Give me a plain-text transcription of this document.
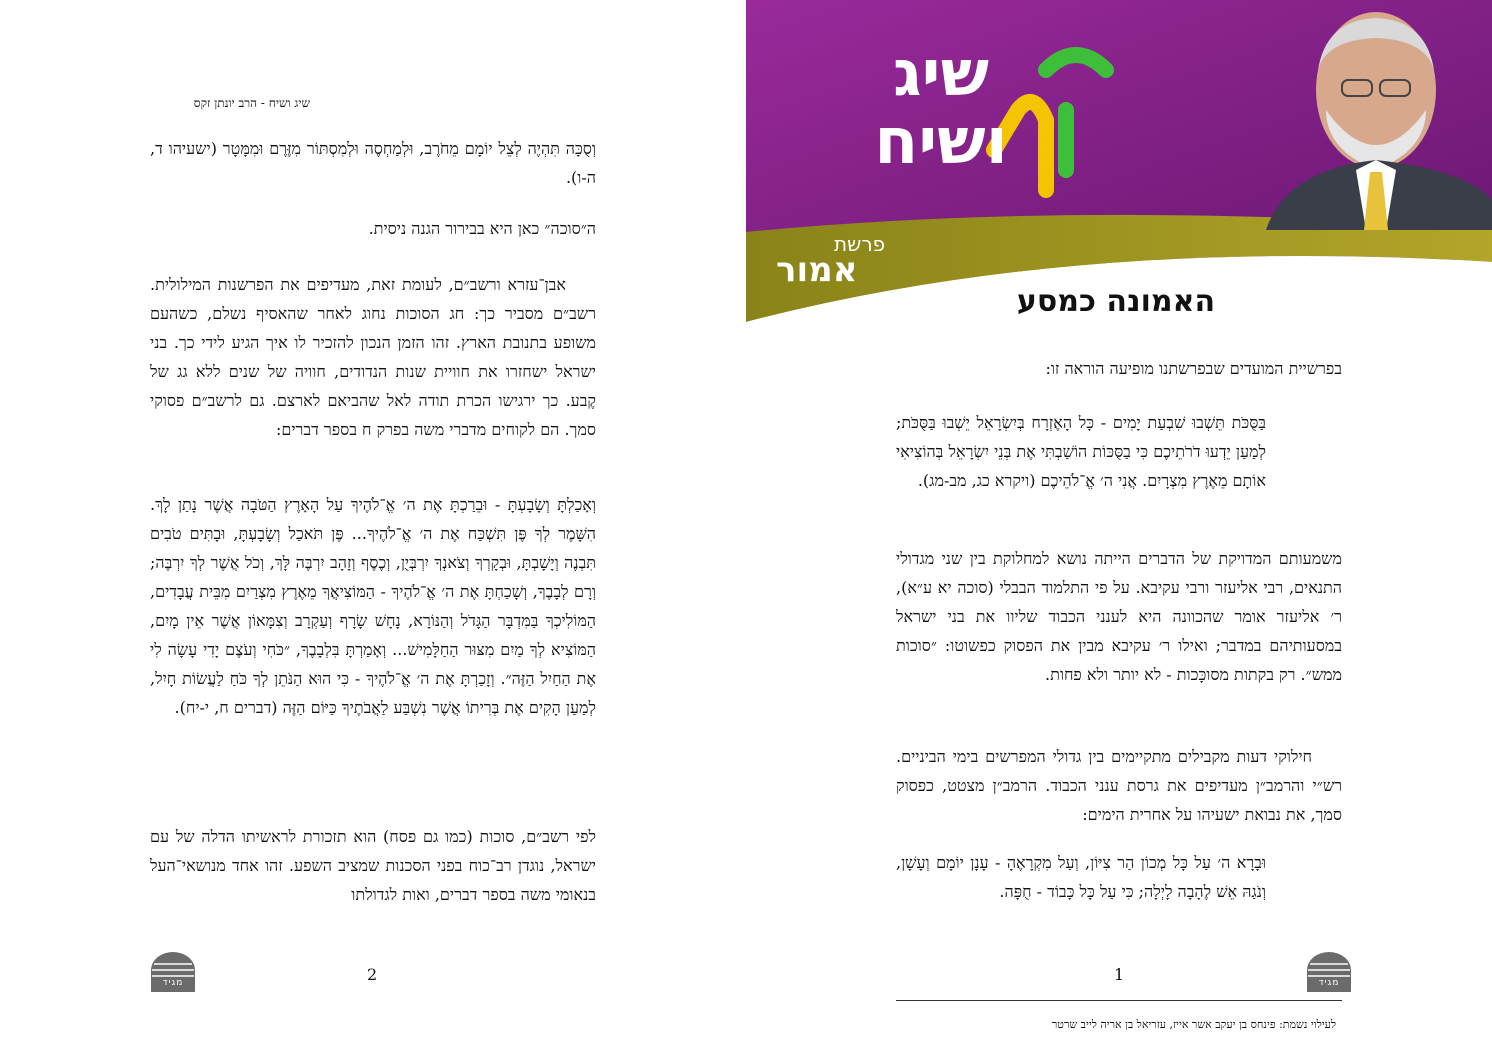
שיג ושיח - הרב יונתן זקס

וְסֻכָּה תִּהְיֶה לְצֵל יוֹמָם מֵחֹרֶב, וּלְמַחְסֶה וּלְמִסְתּוֹר מִזֶּרֶם וּמִמָּטָר (ישעיהו ד, ה-ו).

ה״סוכה״ כאן היא בבירור הגנה ניסית.

אבן־עזרא ורשב״ם, לעומת זאת, מעדיפים את הפרשנות המילולית. רשב״ם מסביר כך: חג הסוכות נחוג לאחר שהאסיף נשלם, כשהעם משופע בתנובת הארץ. זהו הזמן הנכון להזכיר לו איך הגיע לידי כך. בני ישראל ישחזרו את חוויית שנות הנדודים, חוויה של שנים ללא גג של קֶבע. כך ירגישו הכרת תודה לאל שהביאם לארצם. גם לרשב״ם פסוקי סמך. הם לקוחים מדברי משה בפרק ח בספר דברים:

וְאָכַלְתָּ וְשָׂבָעְתָּ - וּבֵרַכְתָּ אֶת ה׳ אֱ־לֹהֶיךָ עַל הָאָרֶץ הַטֹּבָה אֲשֶׁר נָתַן לָךְ. הִשָּׁמֶר לְךָ פֶּן תִּשְׁכַּח אֶת ה׳ אֱ־לֹהֶיךָ... פֶּן תֹּאכַל וְשָׂבָעְתָּ, וּבָתִּים טֹבִים תִּבְנֶה וְיָשָׁבְתָּ, וּבְקָרְךָ וְצֹאנְךָ יִרְבְּיֻן, וְכֶסֶף וְזָהָב יִרְבֶּה לָּךְ, וְכֹל אֲשֶׁר לְךָ יִרְבֶּה; וְרָם לְבָבֶךָ, וְשָׁכַחְתָּ אֶת ה׳ אֱ־לֹהֶיךָ - הַמּוֹצִיאֲךָ מֵאֶרֶץ מִצְרַיִם מִבֵּית עֲבָדִים, הַמּוֹלִיכְךָ בַּמִּדְבָּר הַגָּדֹל וְהַנּוֹרָא, נָחָשׁ שָׂרָף וְעַקְרָב וְצִמָּאוֹן אֲשֶׁר אֵין מָיִם, הַמּוֹצִיא לְךָ מַיִם מִצּוּר הַחַלָּמִישׁ... וְאָמַרְתָּ בִּלְבָבֶךָ, ״כֹּחִי וְעֹצֶם יָדִי עָשָׂה לִי אֶת הַחַיִל הַזֶּה״. וְזָכַרְתָּ אֶת ה׳ אֱ־לֹהֶיךָ - כִּי הוּא הַנֹּתֵן לְךָ כֹּחַ לַעֲשׂוֹת חָיִל, לְמַעַן הָקִים אֶת בְּרִיתוֹ אֲשֶׁר נִשְׁבַּע לַאֲבֹתֶיךָ כַּיּוֹם הַזֶּה (דברים ח, י-יח).

לפי רשב״ם, סוכות (כמו גם פסח) הוא תזכורת לראשיתו הדלה של עם ישראל, נוגדן רב־כוח בפני הסכנות שמציב השפע. זהו אחד מנושאי־העל בנאומי משה בספר דברים, ואות לגדולתו

2
מגיד
שיג ושיח
פרשת
אמור
האמונה כמסע

בפרשיית המועדים שבפרשתנו מופיעה הוראה זו:

בַּסֻּכֹּת תֵּשְׁבוּ שִׁבְעַת יָמִים - כָּל הָאֶזְרָח בְּיִשְׂרָאֵל יֵשְׁבוּ בַּסֻּכֹּת; לְמַעַן יֵדְעוּ דֹרֹתֵיכֶם כִּי בַסֻּכּוֹת הוֹשַׁבְתִּי אֶת בְּנֵי יִשְׂרָאֵל בְּהוֹצִיאִי אוֹתָם מֵאֶרֶץ מִצְרָיִם. אֲנִי ה׳ אֱ־לֹהֵיכֶם (ויקרא כג, מב-מג).

משמעותם המדויקת של הדברים הייתה נושא למחלוקת בין שני מגדולי התנאים, רבי אליעזר ורבי עקיבא. על פי התלמוד הבבלי (סוכה יא ע״א), ר׳ אליעזר אומר שהכוונה היא לענני הכבוד שליוו את בני ישראל במסעותיהם במדבר; ואילו ר׳ עקיבא מבין את הפסוק כפשוטו: ״סוכות ממש״. רק בקתות מסוכָּכות - לא יותר ולא פחות.

חילוקי דעות מקבילים מתקיימים בין גדולי המפרשים בימי הביניים. רש״י והרמב״ן מעדיפים את גרסת ענני הכבוד. הרמב״ן מצטט, כפסוק סמך, את נבואת ישעיהו על אחרית הימים:

וּבָרָא ה׳ עַל כָּל מְכוֹן הַר צִיּוֹן, וְעַל מִקְרָאֶהָ - עָנָן יוֹמָם וְעָשָׁן, וְנֹגַהּ אֵשׁ לֶהָבָה לָיְלָה; כִּי עַל כָּל כָּבוֹד - חֻפָּה.

1	מגיד
לעילוי נשמת: פינחס בן יעקב אשר אייז, עזריאל בן אריה לייב שרטר
